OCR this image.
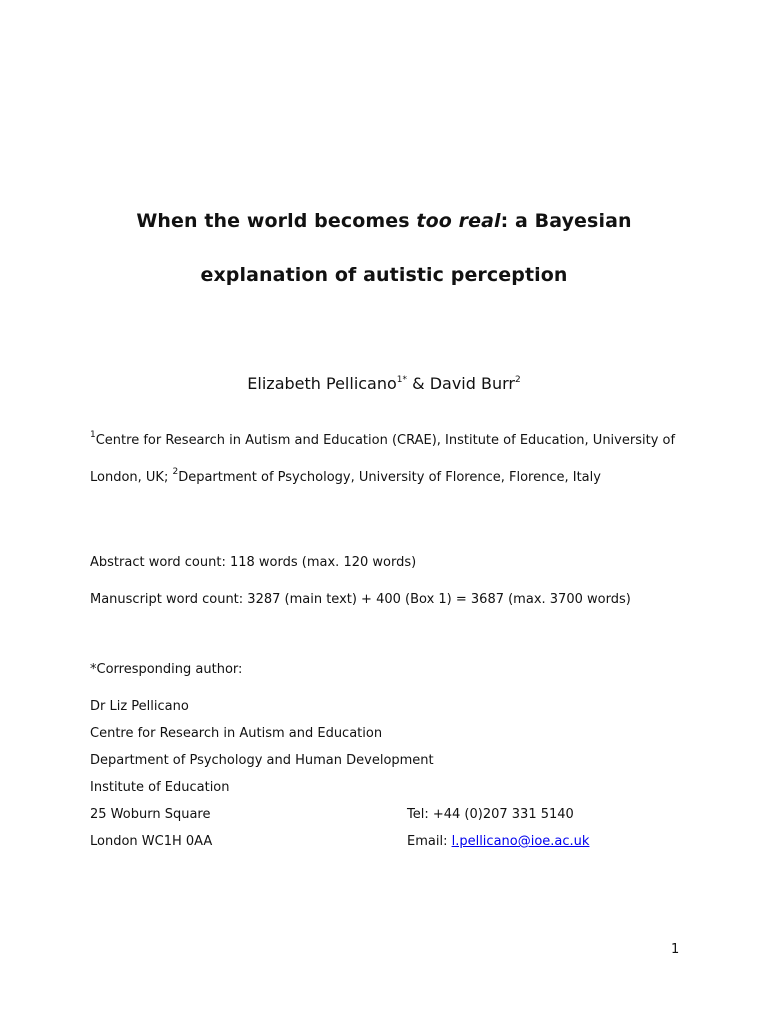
When the world becomes too real: a Bayesian
explanation of autistic perception
Elizabeth Pellicano$^{1*}$ & David Burr$^2$
$^1$Centre for Research in Autism and Education (CRAE), Institute of Education, University of
London, UK; $^2$Department of Psychology, University of Florence, Florence, Italy
Abstract word count: 118 words (max. 120 words)
Manuscript word count: 3287 (main text) + 400 (Box 1) = 3687 (max. 3700 words)
*Corresponding author:
Dr Liz Pellicano
Centre for Research in Autism and Education
Department of Psychology and Human Development
Institute of Education
25 Woburn Square	Tel: +44 (0)207 331 5140
London WC1H 0AA	Email: l.pellicano@ioe.ac.uk
1
